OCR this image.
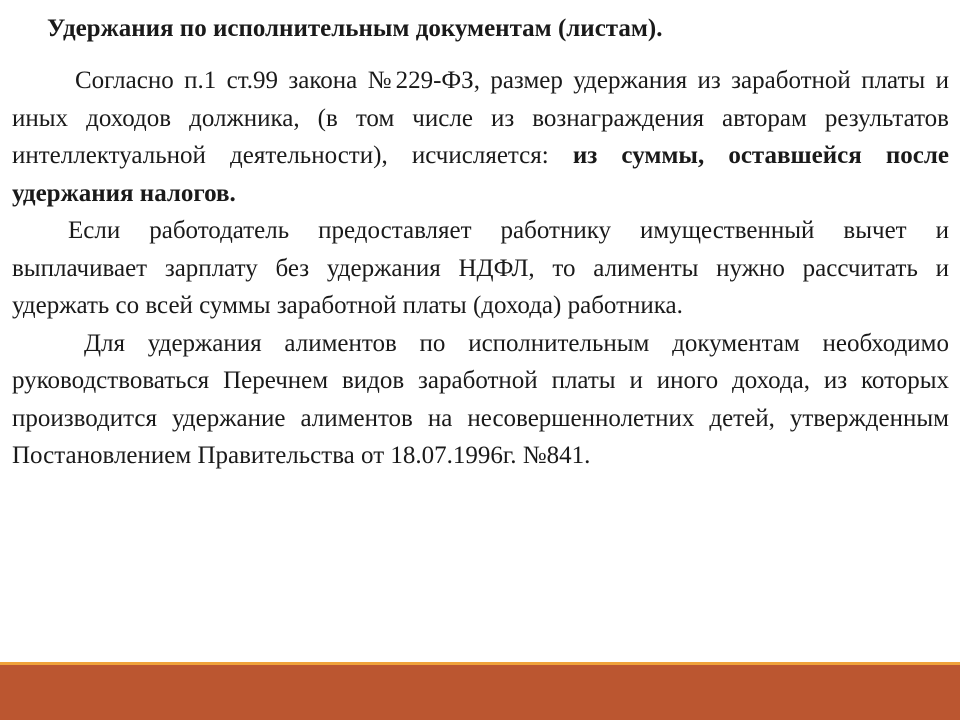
Удержания по исполнительным документам (листам).

Согласно п.1 ст.99 закона №229-ФЗ, размер удержания из заработной платы и иных доходов должника, (в том числе из вознаграждения авторам результатов интеллектуальной деятельности), исчисляется: из суммы, оставшейся после удержания налогов.

Если работодатель предоставляет работнику имущественный вычет и выплачивает зарплату без удержания НДФЛ, то алименты нужно рассчитать и удержать со всей суммы заработной платы (дохода) работника.

Для удержания алиментов по исполнительным документам необходимо руководствоваться Перечнем видов заработной платы и иного дохода, из которых производится удержание алиментов на несовершеннолетних детей, утвержденным Постановлением Правительства от 18.07.1996г. №841.
